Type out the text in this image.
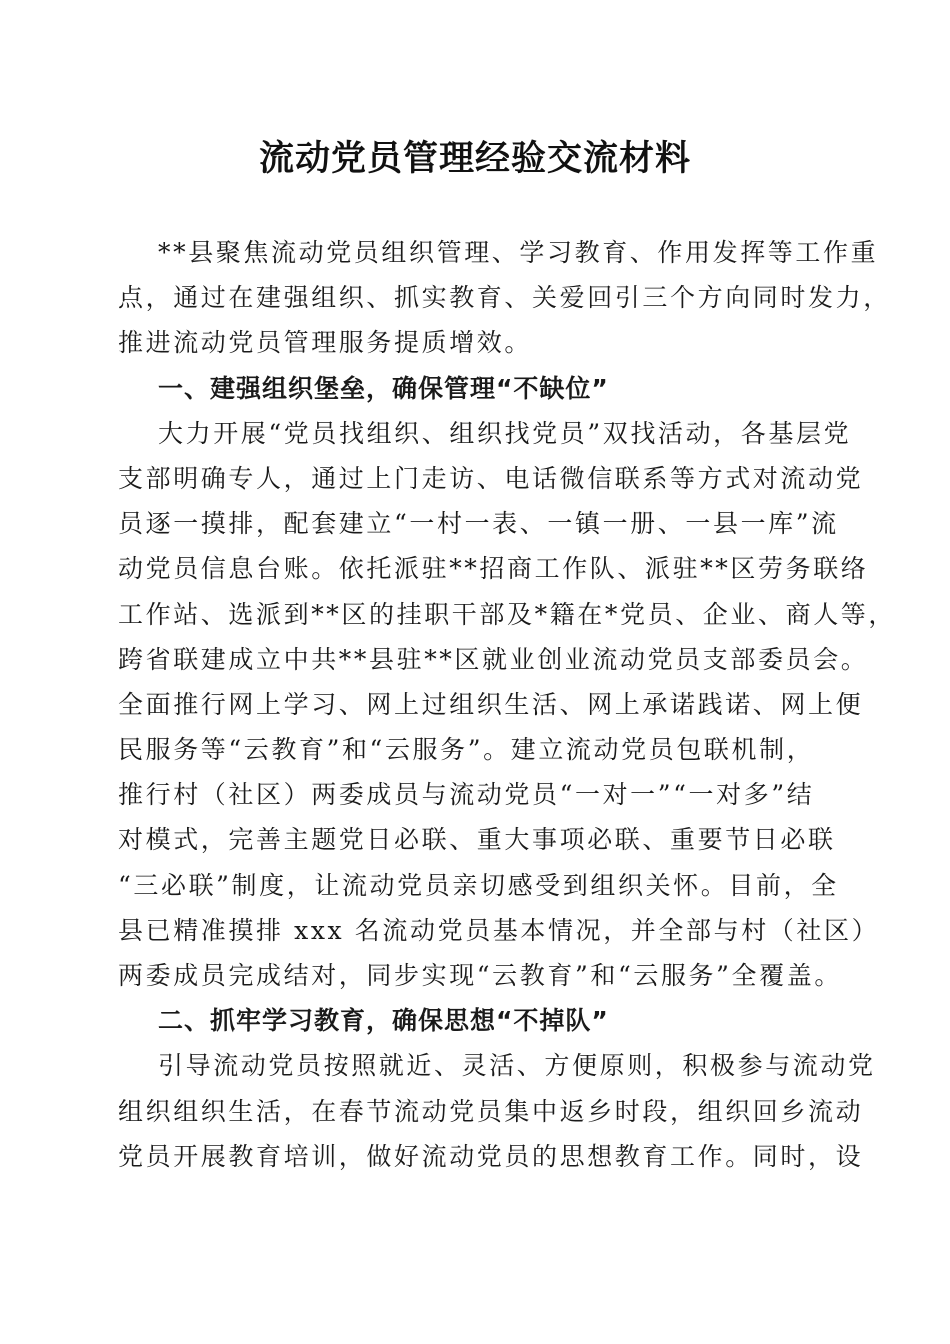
流动党员管理经验交流材料
**县聚焦流动党员组织管理、学习教育、作用发挥等工作重
点，通过在建强组织、抓实教育、关爱回引三个方向同时发力，
推进流动党员管理服务提质增效。
一、建强组织堡垒，确保管理“不缺位”
大力开展“党员找组织、组织找党员”双找活动，各基层党
支部明确专人，通过上门走访、电话微信联系等方式对流动党
员逐一摸排，配套建立“一村一表、一镇一册、一县一库”流
动党员信息台账。依托派驻**招商工作队、派驻**区劳务联络
工作站、选派到**区的挂职干部及*籍在*党员、企业、商人等，
跨省联建成立中共**县驻**区就业创业流动党员支部委员会。
全面推行网上学习、网上过组织生活、网上承诺践诺、网上便
民服务等“云教育”和“云服务”。建立流动党员包联机制，
推行村（社区）两委成员与流动党员“一对一”“一对多”结
对模式，完善主题党日必联、重大事项必联、重要节日必联
“三必联”制度，让流动党员亲切感受到组织关怀。目前，全
县已精准摸排 xxx 名流动党员基本情况，并全部与村（社区）
两委成员完成结对，同步实现“云教育”和“云服务”全覆盖。
二、抓牢学习教育，确保思想“不掉队”
引导流动党员按照就近、灵活、方便原则，积极参与流动党
组织组织生活，在春节流动党员集中返乡时段，组织回乡流动
党员开展教育培训，做好流动党员的思想教育工作。同时，设
